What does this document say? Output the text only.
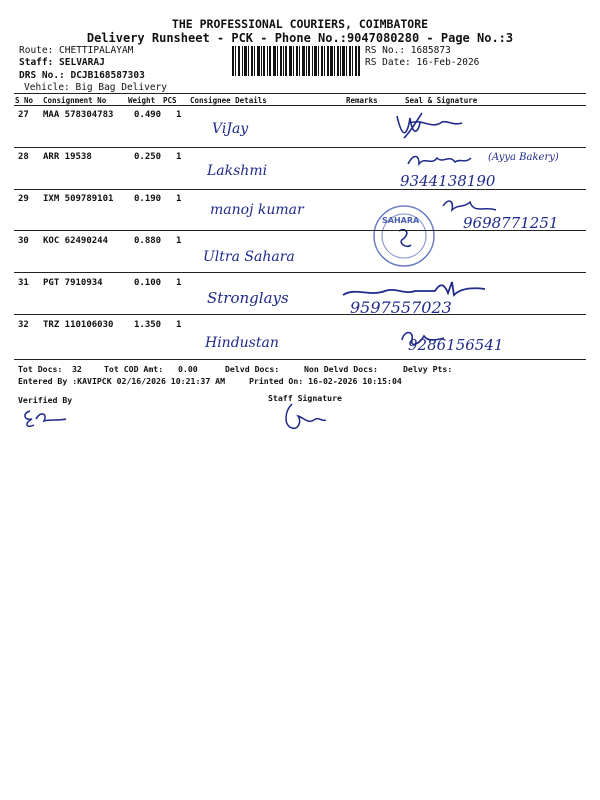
THE PROFESSIONAL COURIERS, COIMBATORE
Delivery Runsheet - PCK - Phone No.:9047080280 - Page No.:3
Route: CHETTIPALAYAM
Staff: SELVARAJ
DRS No.: DCJB168587303
Vehicle: Big Bag Delivery
RS No.: 1685873
RS Date: 16-Feb-2026
S No Consignment No	Weight PCS Consignee Details	Remarks	Seal & Signature
27 MAA 578304783 0.490 1
ViJay
28 ARR 19538	0.250 1
Lakshmi
(Ayya Bakery)
9344138190
29 IXM 509789101 0.190 1
manoj kumar
SAHARA	9698771251
30 KOC 62490244	0.880 1
Ultra Sahara
31 PGT 7910934	0.100 1
Stronglays	9597557023
32 TRZ 110106030 1.350 1
Hindustan	9286156541
Tot Docs: 32	Tot COD Amt: 0.00	Delvd Docs:	Non Delvd Docs:	Delvy Pts:
Entered By :KAVIPCK 02/16/2026 10:21:37 AM	Printed On: 16-02-2026 10:15:04
Verified By	Staff Signature
